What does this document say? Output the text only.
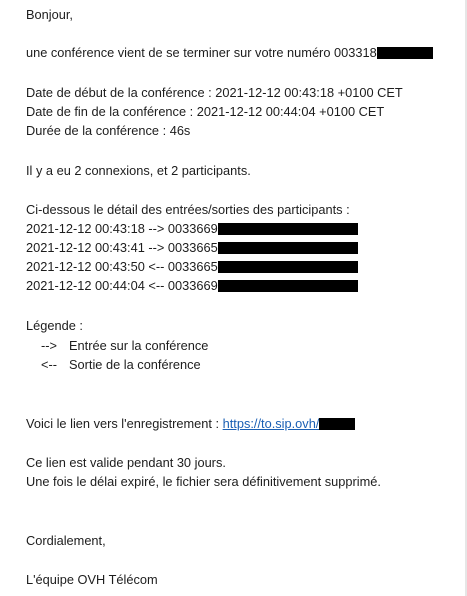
Bonjour,
une conférence vient de se terminer sur votre numéro 003318
Date de début de la conférence : 2021-12-12 00:43:18 +0100 CET
Date de fin de la conférence : 2021-12-12 00:44:04 +0100 CET
Durée de la conférence : 46s
Il y a eu 2 connexions, et 2 participants.
Ci-dessous le détail des entrées/sorties des participants :
2021-12-12 00:43:18 --> 0033669
2021-12-12 00:43:41 --> 0033665
2021-12-12 00:43:50 <-- 0033665
2021-12-12 00:44:04 <-- 0033669
Légende :
--> Entrée sur la conférence
<-- Sortie de la conférence
Voici le lien vers l'enregistrement : https://to.sip.ovh/
Ce lien est valide pendant 30 jours.
Une fois le délai expiré, le fichier sera définitivement supprimé.
Cordialement,
L'équipe OVH Télécom
